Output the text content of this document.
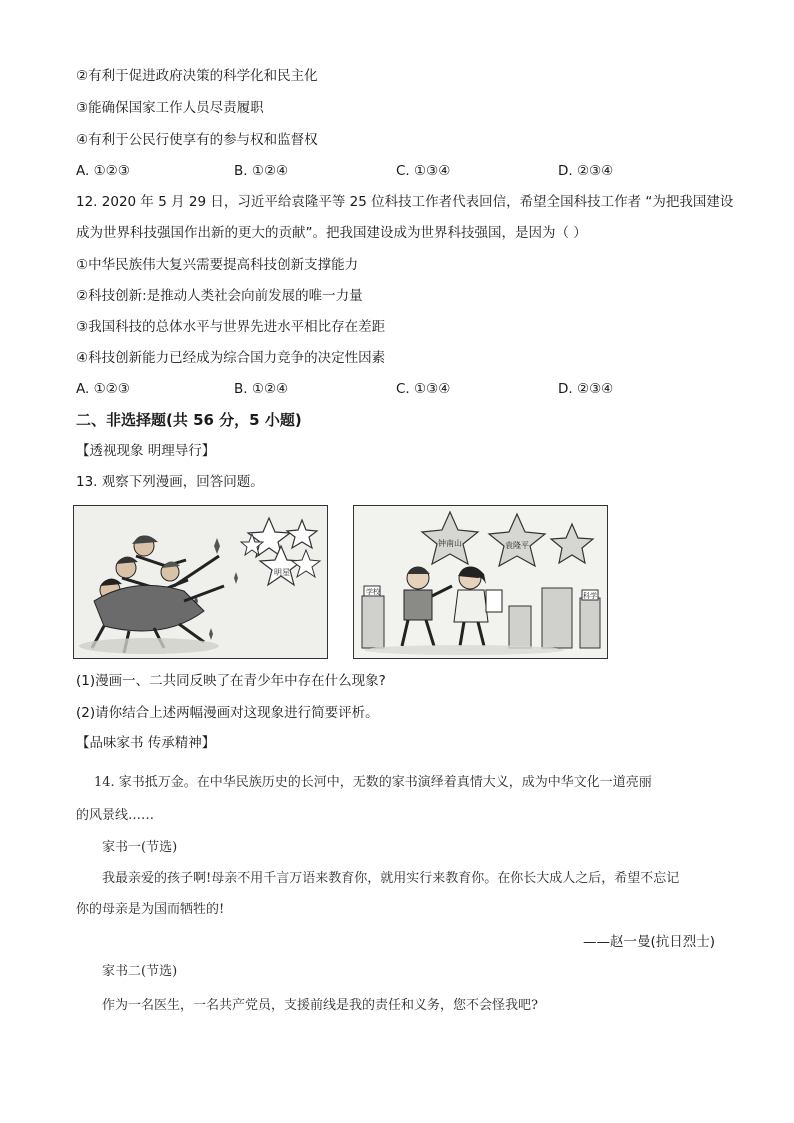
②有利于促进政府决策的科学化和民主化
③能确保国家工作人员尽责履职
④有利于公民行使享有的参与权和监督权
A. ①②③	B. ①②④	C. ①③④	D. ②③④
12. 2020 年 5 月 29 日，习近平给袁隆平等 25 位科技工作者代表回信，希望全国科技工作者 “为把我国建设
成为世界科技强国作出新的更大的贡献”。把我国建设成为世界科技强国，是因为（ ）
①中华民族伟大复兴需要提高科技创新支撑能力
②科技创新:是推动人类社会向前发展的唯一力量
③我国科技的总体水平与世界先进水平相比存在差距
④科技创新能力已经成为综合国力竞争的决定性因素
A. ①②③	B. ①②④	C. ①③④	D. ②③④
二、非选择题(共 56 分，5 小题)
【透视现象 明理导行】
13. 观察下列漫画，回答问题。
明星
钟南山	袁隆平
学校	科学
(1)漫画一、二共同反映了在青少年中存在什么现象?
(2)请你结合上述两幅漫画对这现象进行简要评析。
【品味家书 传承精神】
14. 家书抵万金。在中华民族历史的长河中，无数的家书演绎着真情大义，成为中华文化一道亮丽
的风景线……
家书一(节选)
我最亲爱的孩子啊!母亲不用千言万语来教育你，就用实行来教育你。在你长大成人之后，希望不忘记
你的母亲是为国而牺牲的!
——赵一曼(抗日烈士)
家书二(节选)
作为一名医生，一名共产党员，支援前线是我的责任和义务，您不会怪我吧?
